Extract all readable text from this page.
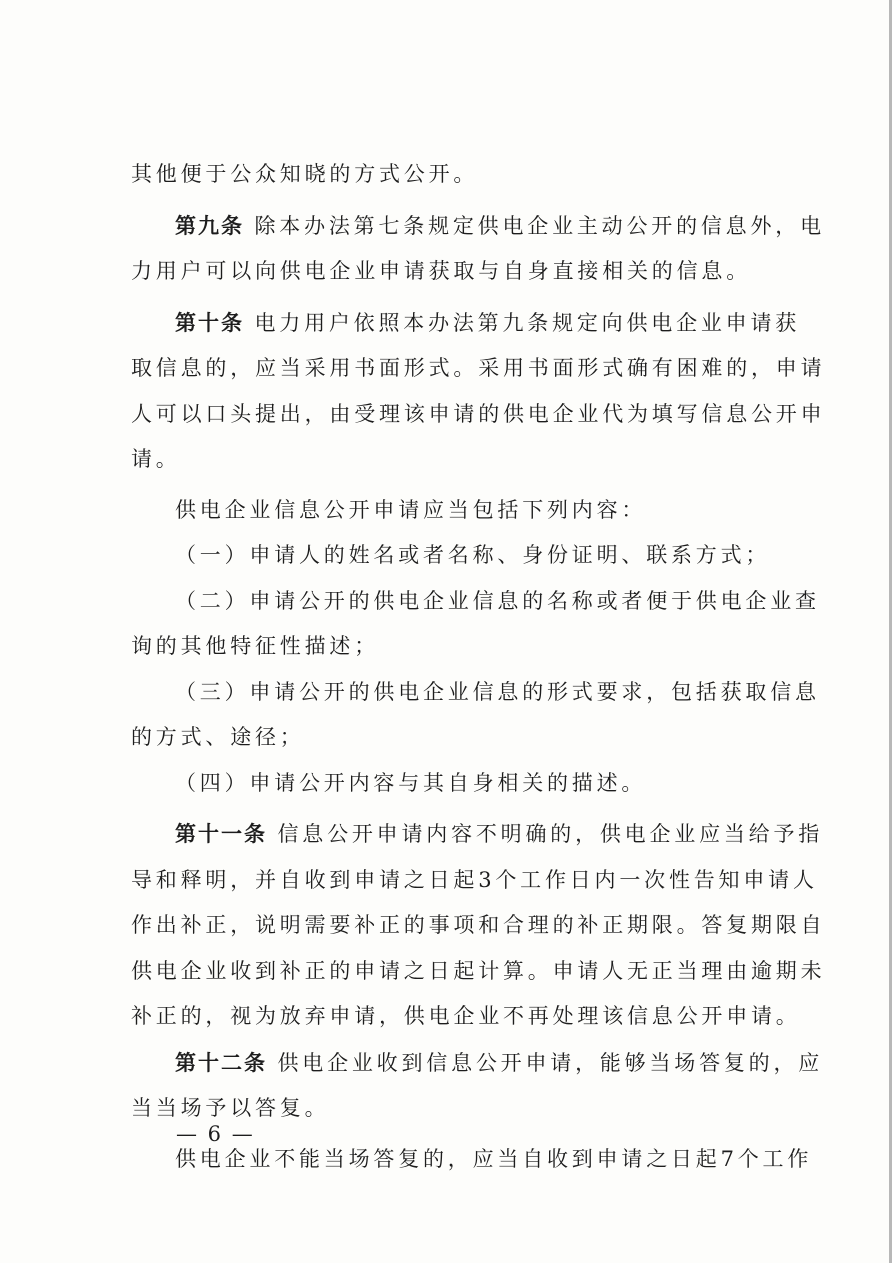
其他便于公众知晓的方式公开。

第九条 除本办法第七条规定供电企业主动公开的信息外，电
力用户可以向供电企业申请获取与自身直接相关的信息。

第十条 电力用户依照本办法第九条规定向供电企业申请获
取信息的，应当采用书面形式。采用书面形式确有困难的，申请
人可以口头提出，由受理该申请的供电企业代为填写信息公开申
请。

供电企业信息公开申请应当包括下列内容：

（一）申请人的姓名或者名称、身份证明、联系方式；

（二）申请公开的供电企业信息的名称或者便于供电企业查
询的其他特征性描述；

（三）申请公开的供电企业信息的形式要求，包括获取信息
的方式、途径；

（四）申请公开内容与其自身相关的描述。

第十一条 信息公开申请内容不明确的，供电企业应当给予指
导和释明，并自收到申请之日起3个工作日内一次性告知申请人
作出补正，说明需要补正的事项和合理的补正期限。答复期限自
供电企业收到补正的申请之日起计算。申请人无正当理由逾期未
补正的，视为放弃申请，供电企业不再处理该信息公开申请。

第十二条 供电企业收到信息公开申请，能够当场答复的，应
当当场予以答复。

供电企业不能当场答复的，应当自收到申请之日起7个工作

— 6 —
